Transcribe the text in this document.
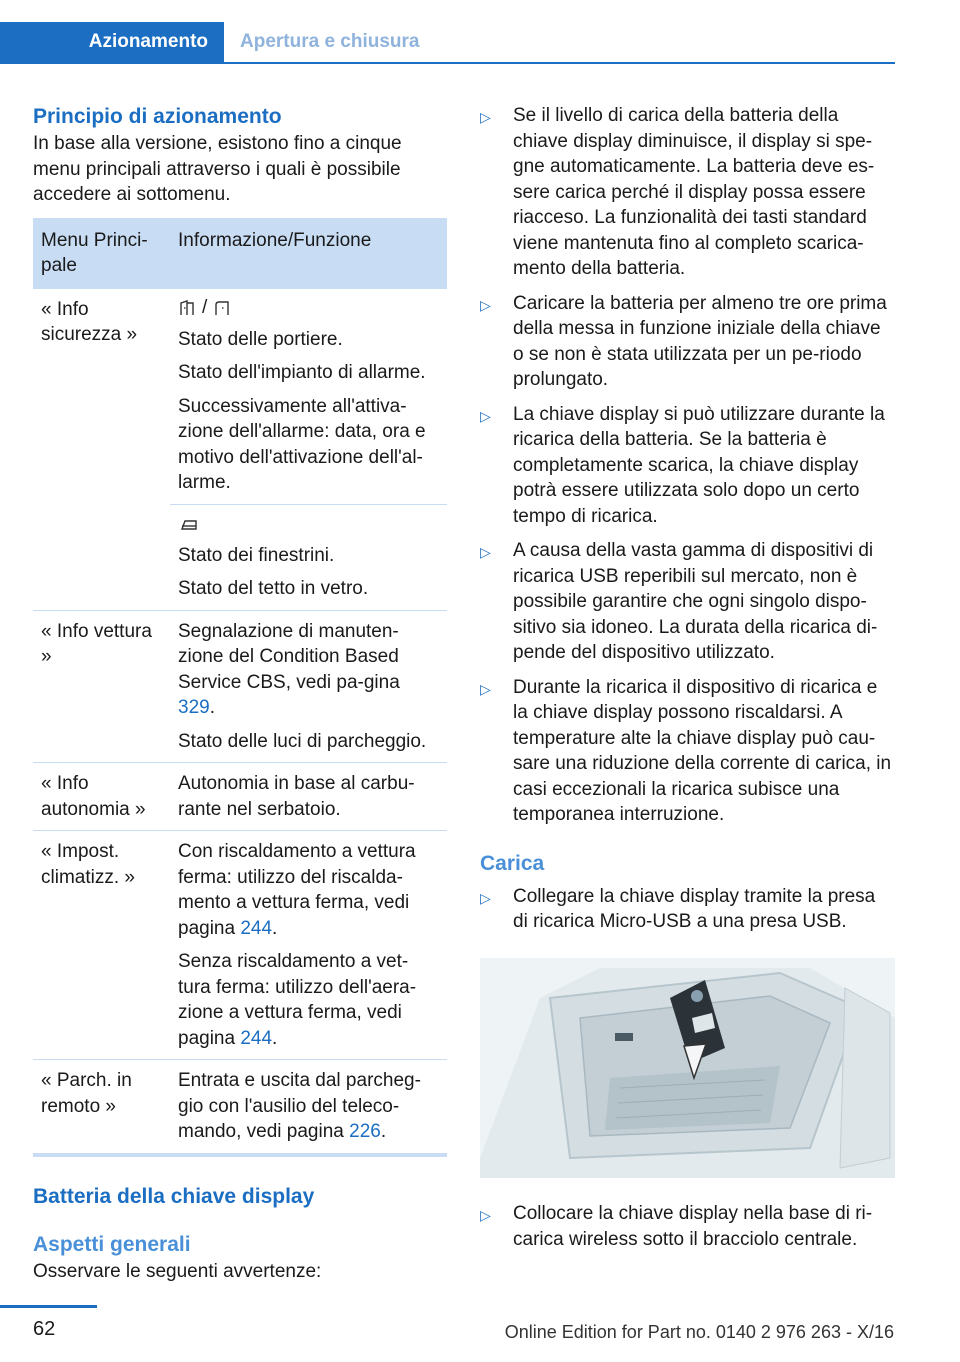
Azionamento	Apertura e chiusura
Principio di azionamento

In base alla versione, esistono fino a cinque menu principali attraverso i quali è possibile accedere ai sottomenu.

Menu Princi-pale	Informazione/Funzione
« Info sicurezza »	/

Stato delle portiere.

Stato dell'impianto di allarme.

Successivamente all'attiva-zione dell'allarme: data, ora e motivo dell'attivazione dell'al-larme.

	Stato dei finestrini.

Stato del tetto in vetro.

« Info vettura »	Segnalazione di manuten-zione del Condition Based Service CBS, vedi pa-gina 329.

Stato delle luci di parcheggio.

« Info autonomia »	Autonomia in base al carbu-rante nel serbatoio.

« Impost. climatizz. »	Con riscaldamento a vettura ferma: utilizzo del riscalda-mento a vettura ferma, vedi pagina 244.

Senza riscaldamento a vet-tura ferma: utilizzo dell'aera-zione a vettura ferma, vedi pagina 244.

« Parch. in remoto »	Entrata e uscita dal parcheg-gio con l'ausilio del teleco-mando, vedi pagina 226.

Batteria della chiave display
Aspetti generali

Osservare le seguenti avvertenze:

▷	Se il livello di carica della batteria della chiave display diminuisce, il display si spe-gne automaticamente. La batteria deve es-sere carica perché il display possa essere riacceso. La funzionalità dei tasti standard viene mantenuta fino al completo scarica-mento della batteria.
▷	Caricare la batteria per almeno tre ore prima della messa in funzione iniziale della chiave o se non è stata utilizzata per un pe-riodo prolungato.
▷	La chiave display si può utilizzare durante la ricarica della batteria. Se la batteria è completamente scarica, la chiave display potrà essere utilizzata solo dopo un certo tempo di ricarica.
▷	A causa della vasta gamma di dispositivi di ricarica USB reperibili sul mercato, non è possibile garantire che ogni singolo dispo-sitivo sia idoneo. La durata della ricarica di-pende del dispositivo utilizzato.
▷	Durante la ricarica il dispositivo di ricarica e la chiave display possono riscaldarsi. A temperature alte la chiave display può cau-sare una riduzione della corrente di carica, in casi eccezionali la ricarica subisce una temporanea interruzione.
Carica
▷	Collegare la chiave display tramite la presa di ricarica Micro-USB a una presa USB.
▷	Collocare la chiave display nella base di ri-carica wireless sotto il bracciolo centrale.
62	Online Edition for Part no. 0140 2 976 263 - X/16
